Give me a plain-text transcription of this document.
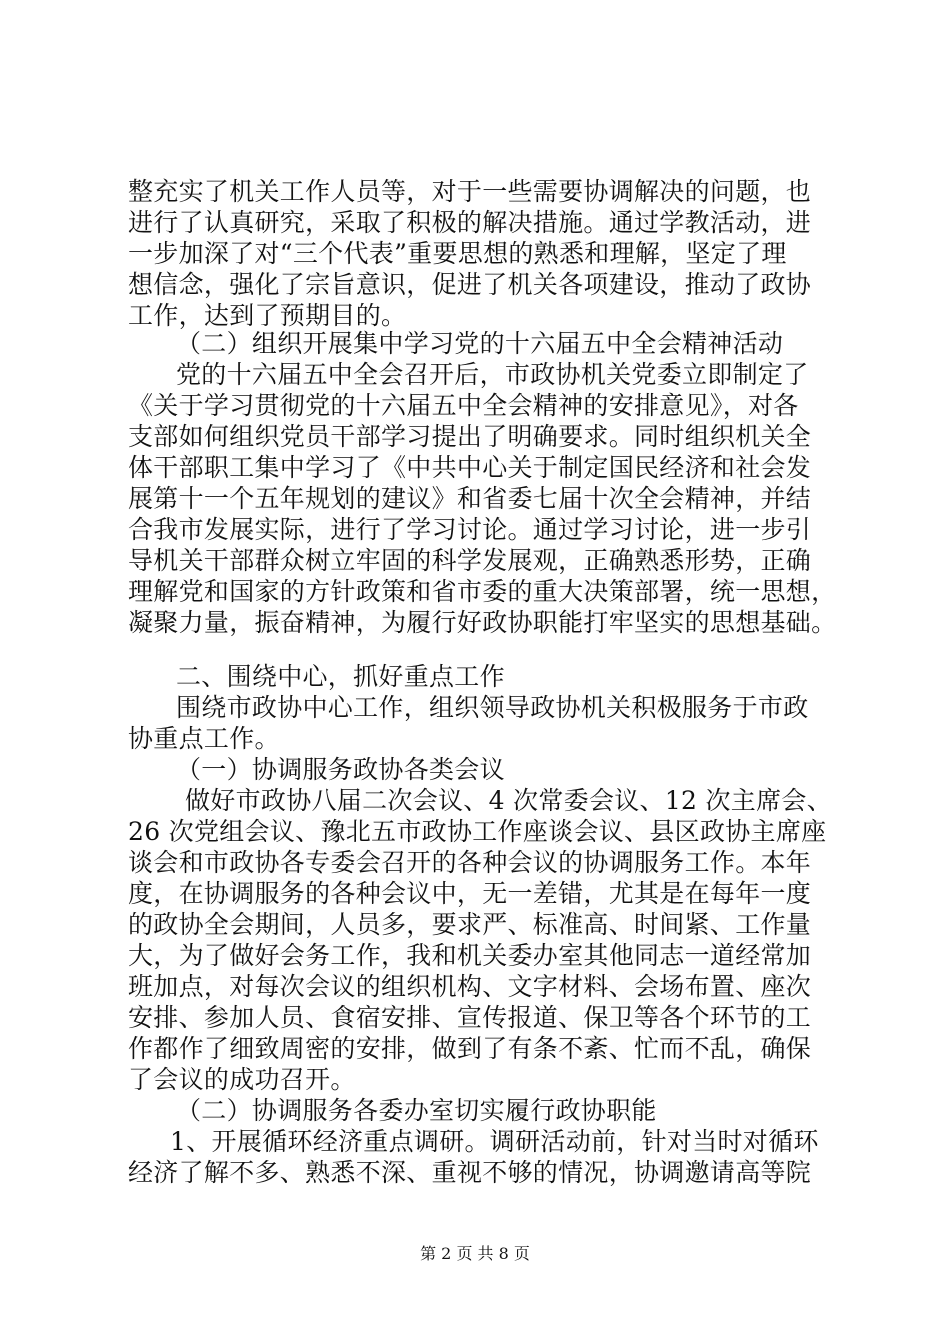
整充实了机关工作人员等，对于一些需要协调解决的问题，也
进行了认真研究，采取了积极的解决措施。通过学教活动，进
一步加深了对“三个代表”重要思想的熟悉和理解，坚定了理
想信念，强化了宗旨意识，促进了机关各项建设，推动了政协
工作，达到了预期目的。
（二）组织开展集中学习党的十六届五中全会精神活动
党的十六届五中全会召开后，市政协机关党委立即制定了
《关于学习贯彻党的十六届五中全会精神的安排意见》，对各
支部如何组织党员干部学习提出了明确要求。同时组织机关全
体干部职工集中学习了《中共中心关于制定国民经济和社会发
展第十一个五年规划的建议》和省委七届十次全会精神，并结
合我市发展实际，进行了学习讨论。通过学习讨论，进一步引
导机关干部群众树立牢固的科学发展观，正确熟悉形势，正确
理解党和国家的方针政策和省市委的重大决策部署，统一思想，
凝聚力量，振奋精神，为履行好政协职能打牢坚实的思想基础。
二、围绕中心，抓好重点工作
围绕市政协中心工作，组织领导政协机关积极服务于市政
协重点工作。
（一）协调服务政协各类会议
做好市政协八届二次会议、4 次常委会议、12 次主席会、
26 次党组会议、豫北五市政协工作座谈会议、县区政协主席座
谈会和市政协各专委会召开的各种会议的协调服务工作。本年
度，在协调服务的各种会议中，无一差错，尤其是在每年一度
的政协全会期间，人员多，要求严、标准高、时间紧、工作量
大，为了做好会务工作，我和机关委办室其他同志一道经常加
班加点，对每次会议的组织机构、文字材料、会场布置、座次
安排、参加人员、食宿安排、宣传报道、保卫等各个环节的工
作都作了细致周密的安排，做到了有条不紊、忙而不乱，确保
了会议的成功召开。
（二）协调服务各委办室切实履行政协职能
1、开展循环经济重点调研。调研活动前，针对当时对循环
经济了解不多、熟悉不深、重视不够的情况，协调邀请高等院
第 2 页 共 8 页
